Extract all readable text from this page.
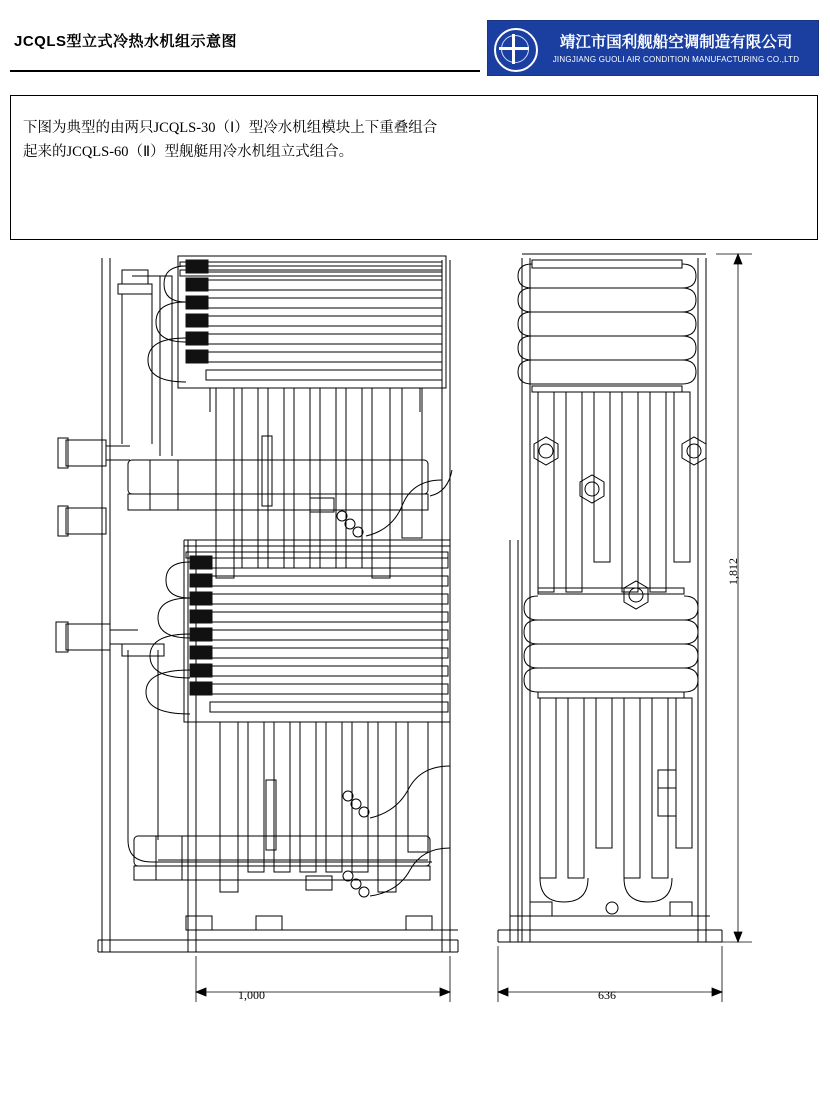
JCQLS型立式冷热水机组示意图	靖江市国利舰船空调制造有限公司
JINGJIANG GUOLI AIR CONDITION MANUFACTURING CO.,LTD
下图为典型的由两只JCQLS-30（Ⅰ）型冷水机组模块上下重叠组合起来的JCQLS-60（Ⅱ）型舰艇用冷水机组立式组合。
1,000	636
1,812
